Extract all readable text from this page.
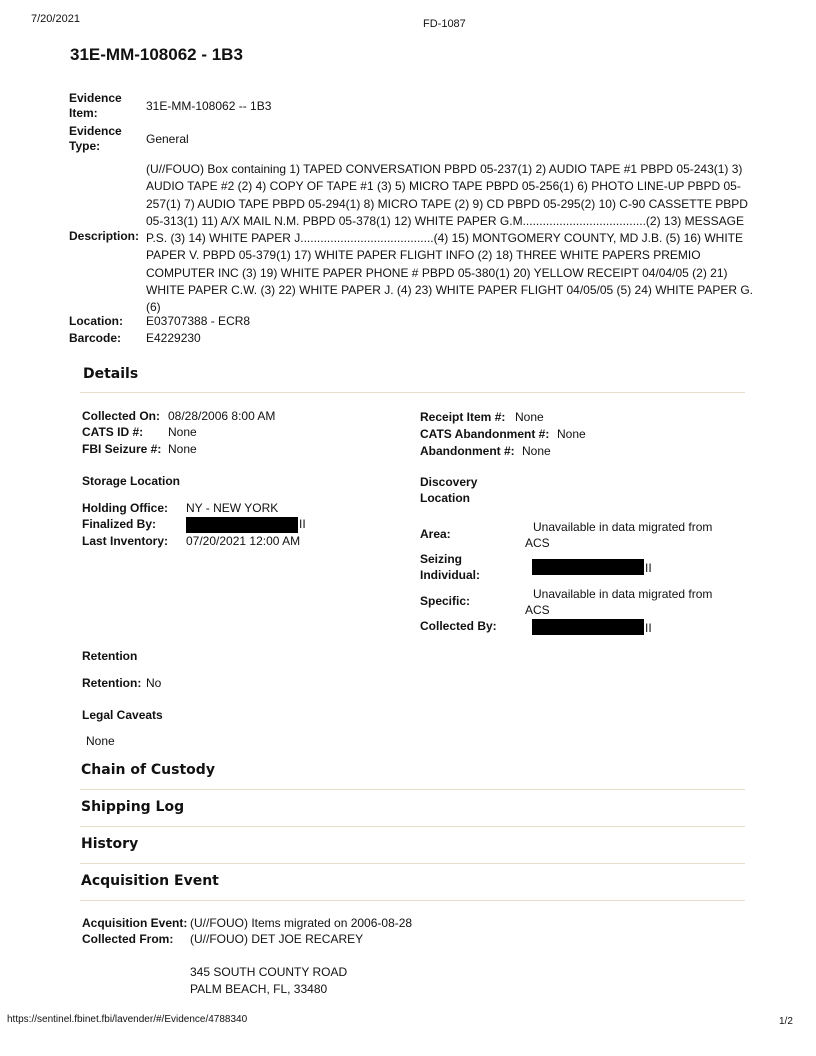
7/20/2021	FD-1087
31E-MM-108062 - 1B3
Evidence
Item:	31E-MM-108062 -- 1B3
Evidence
Type:	General
Description:
(U//FOUO) Box containing 1) TAPED CONVERSATION PBPD 05-237(1) 2) AUDIO TAPE #1 PBPD 05-243(1) 3)
AUDIO TAPE #2 (2) 4) COPY OF TAPE #1 (3) 5) MICRO TAPE PBPD 05-256(1) 6) PHOTO LINE-UP PBPD 05-
257(1) 7) AUDIO TAPE PBPD 05-294(1) 8) MICRO TAPE (2) 9) CD PBPD 05-295(2) 10) C-90 CASSETTE PBPD
05-313(1) 11) A/X MAIL N.M. PBPD 05-378(1) 12) WHITE PAPER G.M.....................................(2) 13) MESSAGE
P.S. (3) 14) WHITE PAPER J........................................(4) 15) MONTGOMERY COUNTY, MD J.B. (5) 16) WHITE
PAPER V. PBPD 05-379(1) 17) WHITE PAPER FLIGHT INFO (2) 18) THREE WHITE PAPERS PREMIO
COMPUTER INC (3) 19) WHITE PAPER PHONE # PBPD 05-380(1) 20) YELLOW RECEIPT 04/04/05 (2) 21)
WHITE PAPER C.W. (3) 22) WHITE PAPER J. (4) 23) WHITE PAPER FLIGHT 04/05/05 (5) 24) WHITE PAPER G.
(6)
Location: E03707388 - ECR8
Barcode: E4229230
Details
Collected On: 08/28/2006 8:00 AM
CATS ID #: None
FBI Seizure #: None
Receipt Item #: None
CATS Abandonment #: None
Abandonment #: None
Storage Location
Holding Office: NY - NEW YORK
Finalized By:	II
Last Inventory: 07/20/2021 12:00 AM
Discovery
Location
Area:	Unavailable in data migrated from
ACS
Seizing
Individual:	II
Specific:	Unavailable in data migrated from
ACS
Collected By:	II
Retention
Retention: No
Legal Caveats
None
Chain of Custody
Shipping Log
History
Acquisition Event
Acquisition Event: (U//FOUO) Items migrated on 2006-08-28
Collected From: (U//FOUO) DET JOE RECAREY
345 SOUTH COUNTY ROAD
PALM BEACH, FL, 33480
https://sentinel.fbinet.fbi/lavender/#/Evidence/4788340	1/2
